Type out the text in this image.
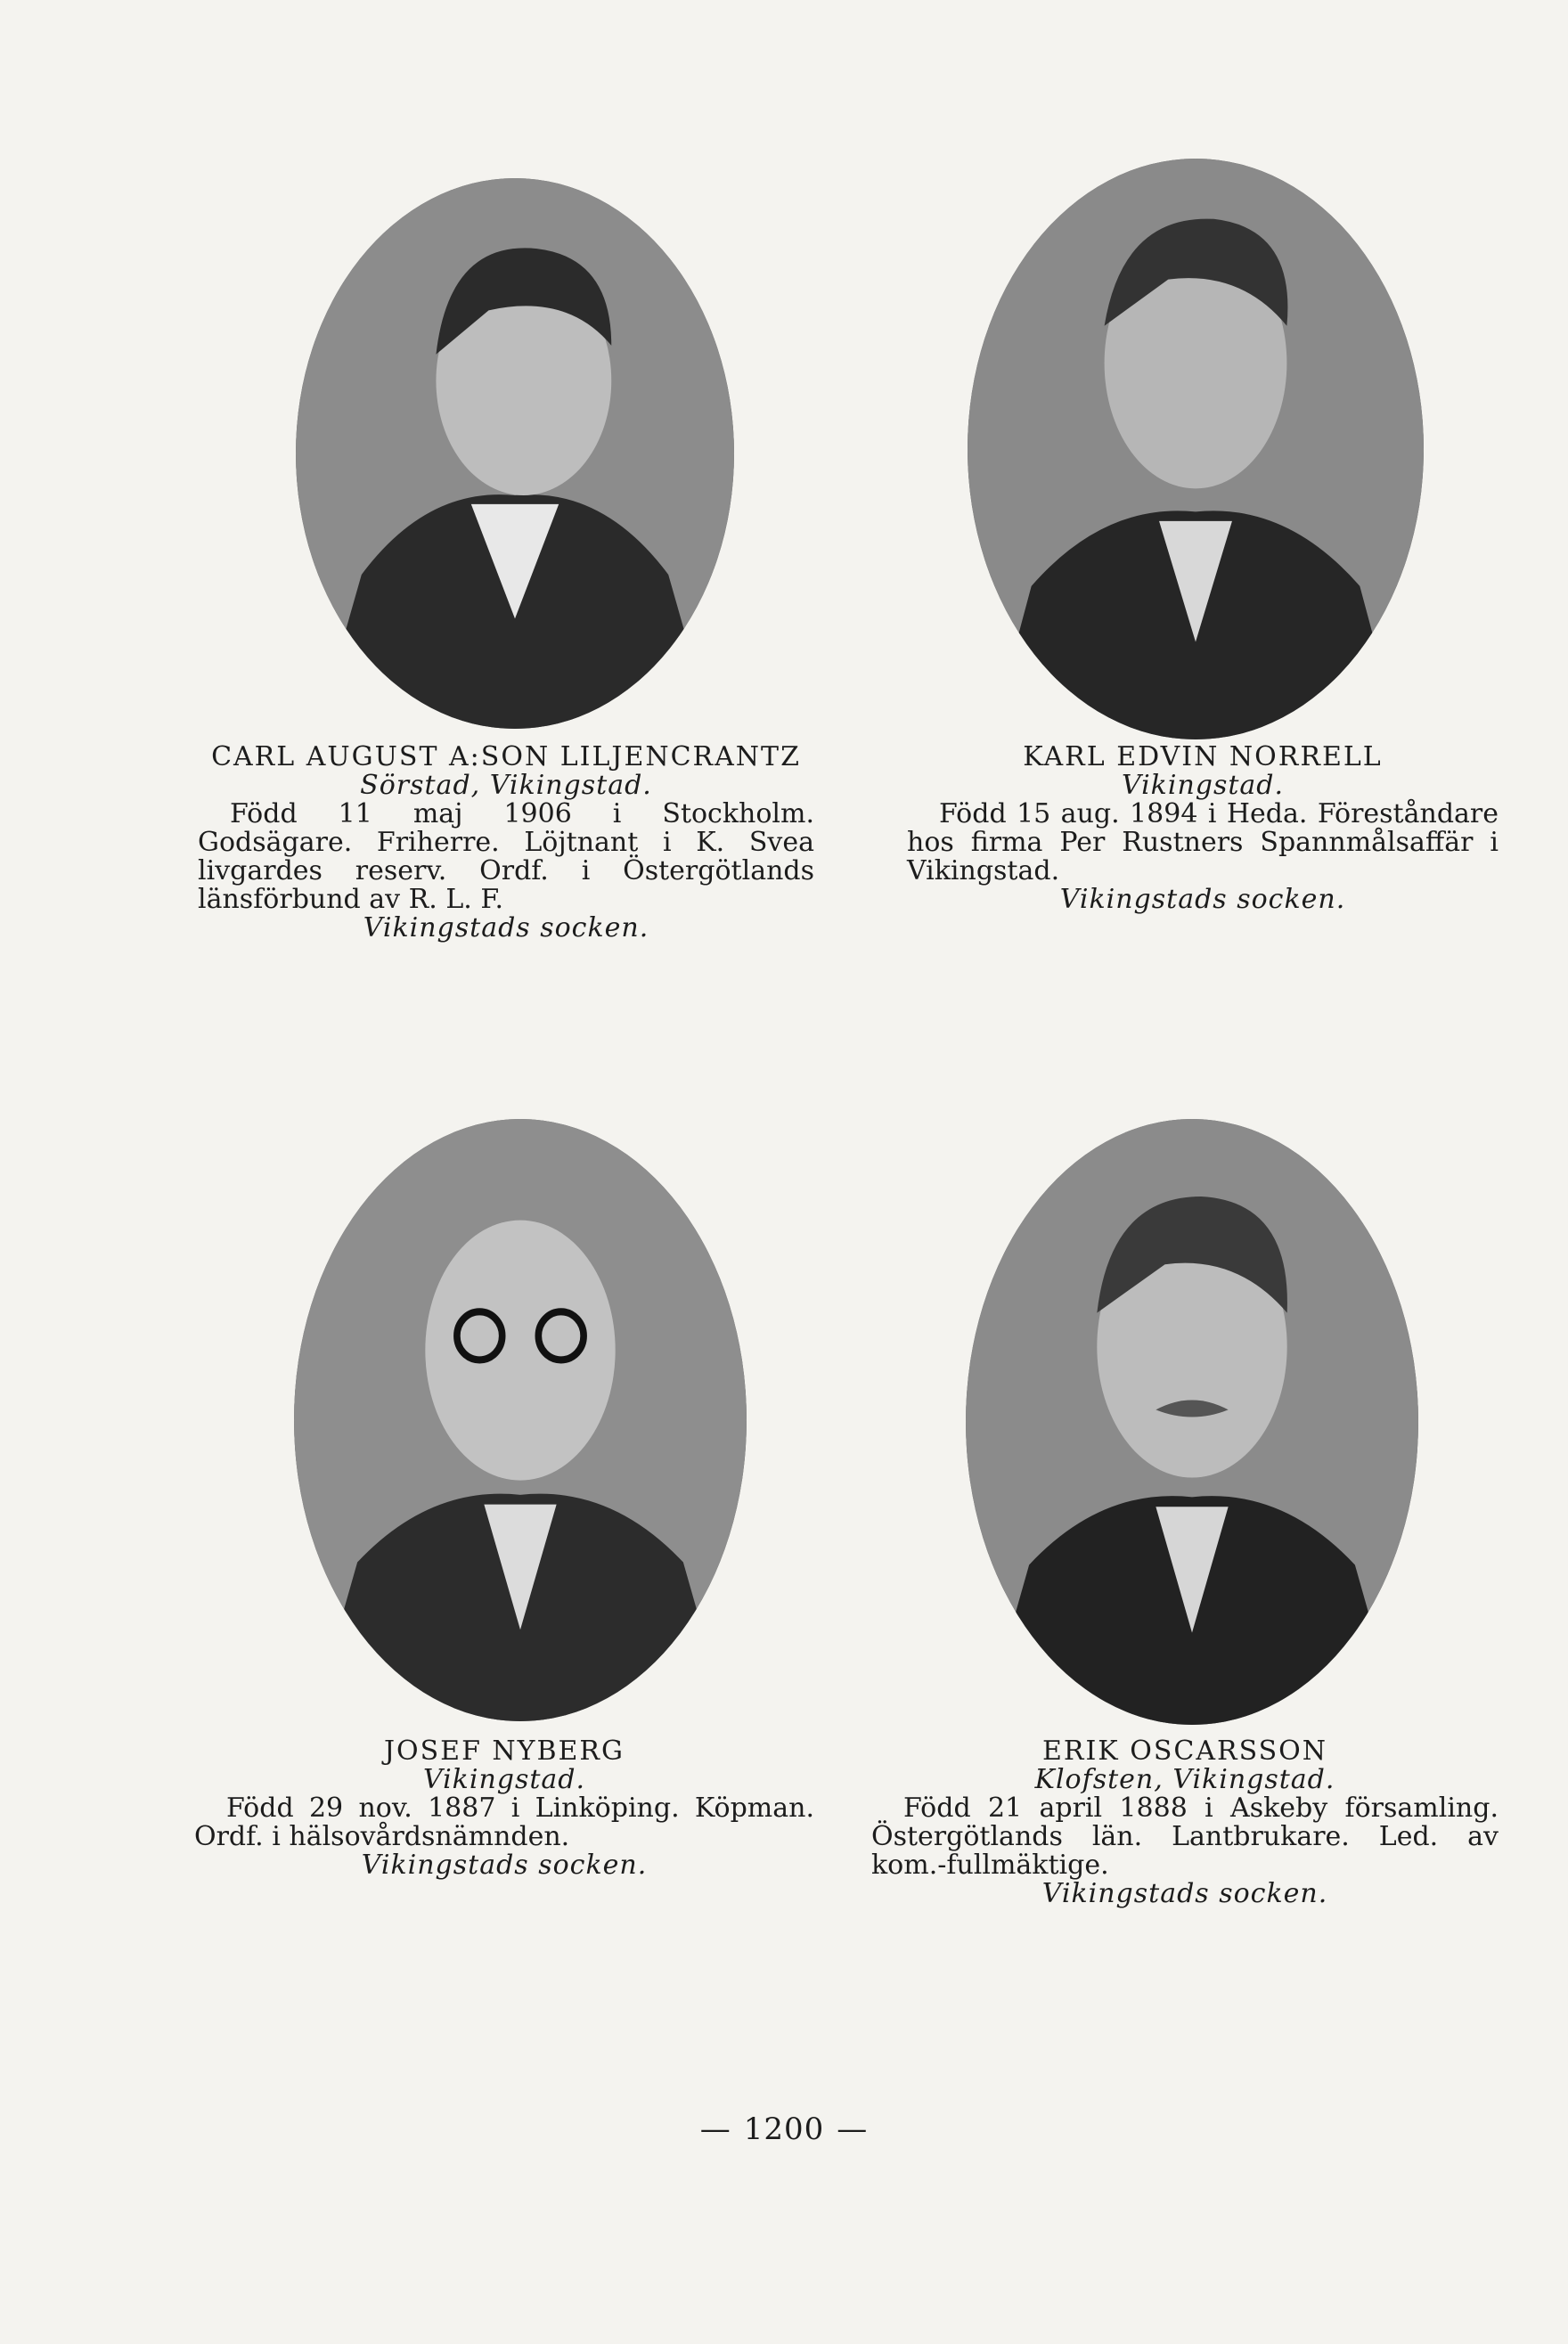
CARL AUGUST A:SON LILJENCRANTZ
Sörstad, Vikingstad.
Född 11 maj 1906 i Stockholm. Godsägare. Friherre. Löjtnant i K. Svea livgardes reserv. Ordf. i Östergötlands länsförbund av R. L. F.
Vikingstads socken.
KARL EDVIN NORRELL
Vikingstad.
Född 15 aug. 1894 i Heda. Föreståndare hos firma Per Rustners Spannmålsaffär i Vikingstad.
Vikingstads socken.
JOSEF NYBERG
Vikingstad.
Född 29 nov. 1887 i Linköping. Köpman. Ordf. i hälsovårdsnämnden.
Vikingstads socken.
ERIK OSCARSSON
Klofsten, Vikingstad.
Född 21 april 1888 i Askeby församling. Östergötlands län. Lantbrukare. Led. av kom.-fullmäktige.
Vikingstads socken.
— 1200 —
